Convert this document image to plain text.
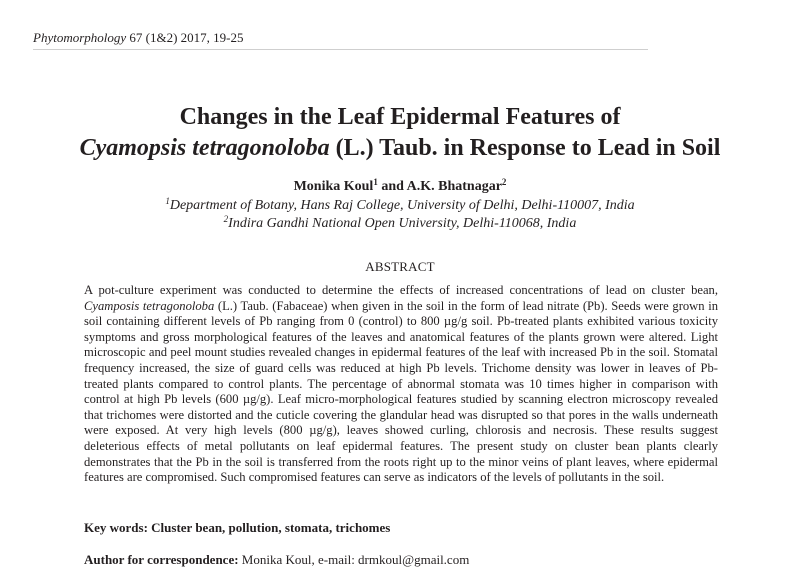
Phytomorphology 67 (1&2) 2017, 19-25
Changes in the Leaf Epidermal Features of
Cyamopsis tetragonoloba (L.) Taub. in Response to Lead in Soil
Monika Koul$^1$ and A.K. Bhatnagar$^2$
$^1$Department of Botany, Hans Raj College, University of Delhi, Delhi-110007, India
$^2$Indira Gandhi National Open University, Delhi-110068, India
ABSTRACT

A pot-culture experiment was conducted to determine the effects of increased concentrations of lead on cluster bean, Cyamposis tetragonoloba (L.) Taub. (Fabaceae) when given in the soil in the form of lead nitrate (Pb). Seeds were grown in soil containing different levels of Pb ranging from 0 (control) to 800 µg/g soil. Pb-treated plants exhibited various toxicity symptoms and gross morphological features of the leaves and anatomical features of the plants grown were altered. Light microscopic and peel mount studies revealed changes in epidermal features of the leaf with increased Pb in the soil. Stomatal frequency increased, the size of guard cells was reduced at high Pb levels. Trichome density was lower in leaves of Pb-treated plants compared to control plants. The percentage of abnormal stomata was 10 times higher in comparison with control at high Pb levels (600 µg/g). Leaf micro-morphological features studied by scanning electron microscopy revealed that trichomes were distorted and the cuticle covering the glandular head was disrupted so that pores in the walls underneath were exposed. At very high levels (800 µg/g), leaves showed curling, chlorosis and necrosis. These results suggest deleterious effects of metal pollutants on leaf epidermal features. The present study on cluster bean plants clearly demonstrates that the Pb in the soil is transferred from the roots right up to the minor veins of plant leaves, where epidermal features are compromised. Such compromised features can serve as indicators of the levels of pollutants in the soil.

Key words: Cluster bean, pollution, stomata, trichomes
Author for correspondence: Monika Koul, e-mail: drmkoul@gmail.com
